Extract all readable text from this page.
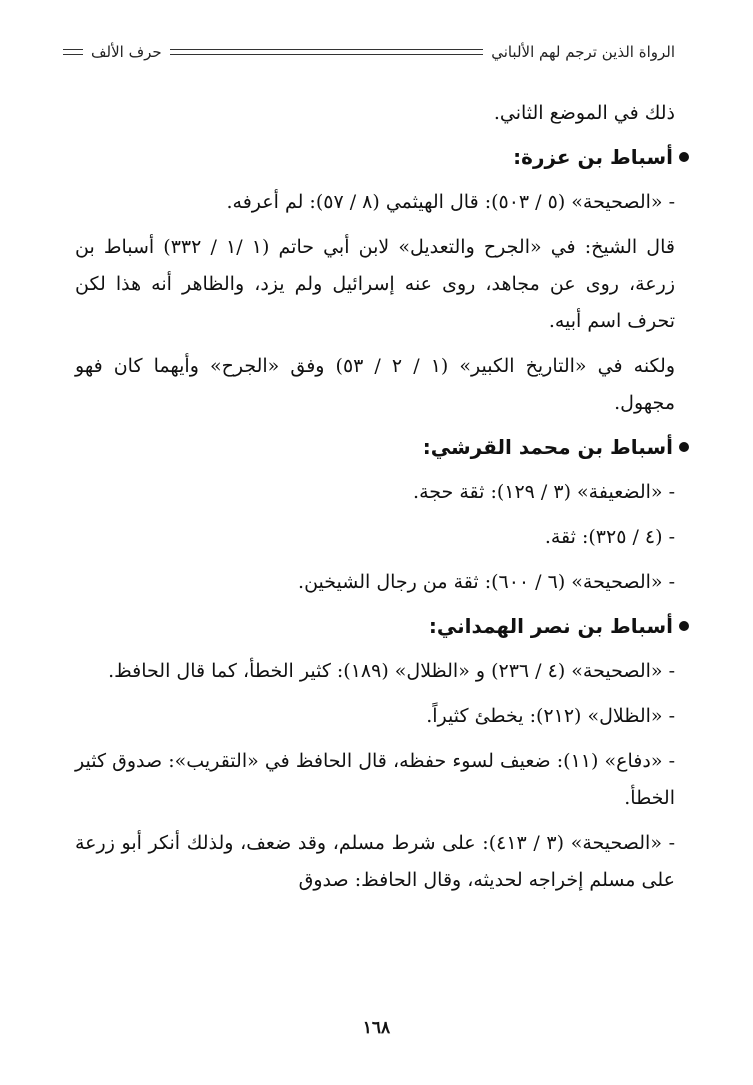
الرواة الذين ترجم لهم الألباني
حرف الألف

ذلك في الموضع الثاني.

أسباط بن عزرة:

- «الصحيحة» (٥ / ٥٠٣): قال الهيثمي (٨ / ٥٧): لم أعرفه.

قال الشيخ: في «الجرح والتعديل» لابن أبي حاتم (١ /١ / ٣٣٢) أسباط بن زرعة، روى عن مجاهد، روى عنه إسرائيل ولم يزد، والظاهر أنه هذا لكن تحرف اسم أبيه.

ولكنه في «التاريخ الكبير» (١ / ٢ / ٥٣) وفق «الجرح» وأيهما كان فهو مجهول.

أسباط بن محمد القرشي:

- «الضعيفة» (٣ / ١٢٩): ثقة حجة.

- (٤ / ٣٢٥): ثقة.

- «الصحيحة» (٦ / ٦٠٠): ثقة من رجال الشيخين.

أسباط بن نصر الهمداني:

- «الصحيحة» (٤ / ٢٣٦) و «الظلال» (١٨٩): كثير الخطأ، كما قال الحافظ.

- «الظلال» (٢١٢): يخطئ كثيراً.

- «دفاع» (١١): ضعيف لسوء حفظه، قال الحافظ في «التقريب»: صدوق كثير الخطأ.

- «الصحيحة» (٣ / ٤١٣): على شرط مسلم، وقد ضعف، ولذلك أنكر أبو زرعة على مسلم إخراجه لحديثه، وقال الحافظ: صدوق

١٦٨
